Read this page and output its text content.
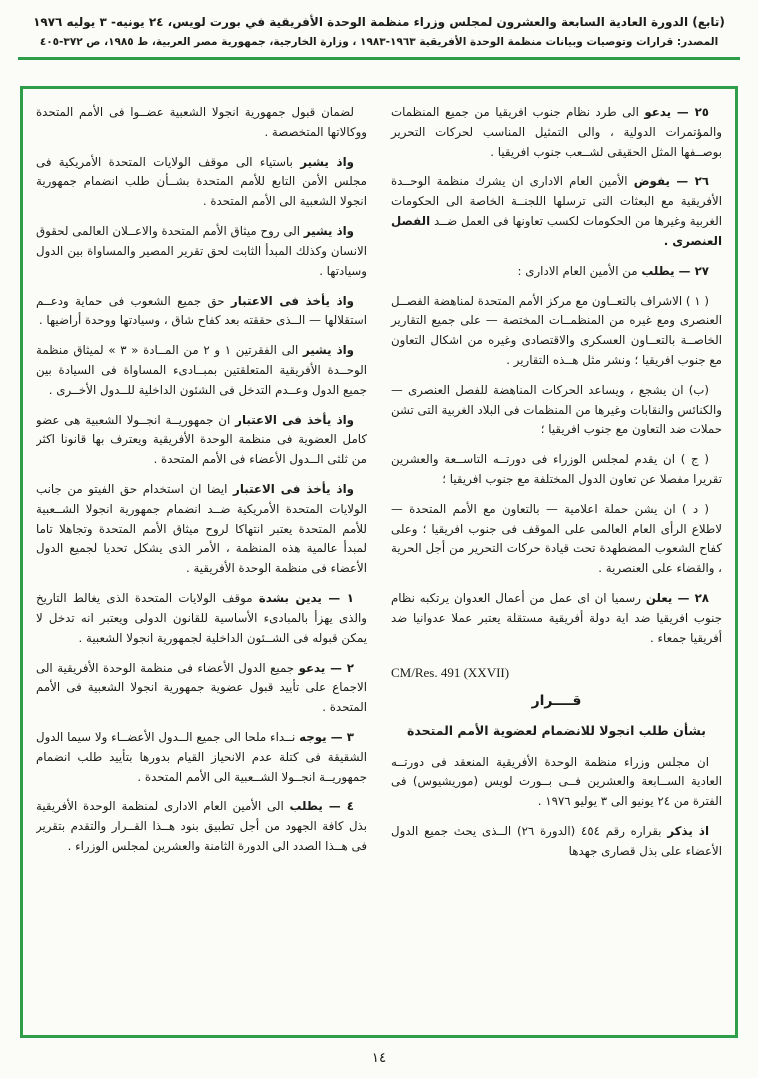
(تابع) الدورة العادية السابعة والعشرون لمجلس وزراء منظمة الوحدة الأفريقية في بورت لويس، ٢٤ يونيه- ٣ يوليه ١٩٧٦
المصدر: قرارات وتوصيات وبيانات منظمة الوحدة الأفريقية ١٩٦٣-١٩٨٣ ، وزارة الخارجية، جمهورية مصر العربية، ط ١٩٨٥، ص ٣٧٢-٤٠٥
٢٥ — يدعو الى طرد نظام جنوب افريقيا من جميع المنظمات والمؤتمرات الدولية ، والى التمثيل المناسب لحركات التحرير بوصــفها المثل الحقيقى لشــعب جنوب افريقيا .
٢٦ — يفوض الأمين العام الادارى ان يشرك منظمة الوحــدة الأفريقية مع البعثات التى ترسلها اللجنــة الخاصة الى الحكومات الغربية وغيرها من الحكومات لكسب تعاونها فى العمل ضــد الفصل العنصرى .
٢٧ — يطلب من الأمين العام الادارى :
( ١ ) الاشراف بالتعــاون مع مركز الأمم المتحدة لمناهضة الفصــل العنصرى ومع غيره من المنظمــات المختصة — على جميع التقارير الخاصــة بالتعــاون العسكرى والاقتصادى وغيره من اشكال التعاون مع جنوب افريقيا ؛ ونشر مثل هــذه التقارير .
(ب) ان يشجع ، ويساعد الحركات المناهضة للفصل العنصرى — والكنائس والنقابات وغيرها من المنظمات فى البلاد الغربية التى تشن حملات ضد التعاون مع جنوب افريقيا ؛
( ج ) ان يقدم لمجلس الوزراء فى دورتــه التاســعة والعشرين تقريرا مفصلا عن تعاون الدول المختلفة مع جنوب افريقيا ؛
( د ) ان يشن حملة اعلامية — بالتعاون مع الأمم المتحدة — لاطلاع الرأى العام العالمى على الموقف فى جنوب افريقيا ؛ وعلى كفاح الشعوب المضطهدة تحت قيادة حركات التحرير من أجل الحرية ، والقضاء على العنصرية .
٢٨ — يعلن رسميا ان اى عمل من أعمال العدوان يرتكبه نظام جنوب افريقيا ضد اية دولة أفريقية مستقلة يعتبر عملا عدوانيا ضد أفريقيا جمعاء .
CM/Res. 491 (XXVII)
قــــرار
بشأن طلب انجولا للانضمام لعضوية الأمم المتحدة
ان مجلس وزراء منظمة الوحدة الأفريقية المنعقد فى دورتــه العادية الســابعة والعشرين فــى بــورت لويس (موريشيوس) فى الفترة من ٢٤ يونيو الى ٣ يوليو ١٩٧٦ .
اذ يذكر بقراره رقم ٤٥٤ (الدورة ٢٦) الــذى يحث جميع الدول الأعضاء على بذل قصارى جهدها
لضمان قبول جمهورية انجولا الشعبية عضــوا فى الأمم المتحدة ووكالاتها المتخصصة .
واذ يشير باستياء الى موقف الولايات المتحدة الأمريكية فى مجلس الأمن التابع للأمم المتحدة بشــأن طلب انضمام جمهورية انجولا الشعبية الى الأمم المتحدة .
واذ يشير الى روح ميثاق الأمم المتحدة والاعــلان العالمى لحقوق الانسان وكذلك المبدأ الثابت لحق تقرير المصير والمساواة بين الدول وسيادتها .
واذ يأخذ فى الاعتبار حق جميع الشعوب فى حماية ودعــم استقلالها — الــذى حققته بعد كفاح شاق ، وسيادتها ووحدة أراضيها .
واذ يشير الى الفقرتين ١ و ٢ من المــادة « ٣ » لميثاق منظمة الوحــدة الأفريقية المتعلقتين بمبــادىء المساواة فى السيادة بين جميع الدول وعــدم التدخل فى الشئون الداخلية للــدول الأخــرى .
واذ يأخذ فى الاعتبار ان جمهوريــة انجــولا الشعبية هى عضو كامل العضوية فى منظمة الوحدة الأفريقية ويعترف بها قانونا اكثر من ثلثى الــدول الأعضاء فى الأمم المتحدة .
واذ يأخذ فى الاعتبار ايضا ان استخدام حق الفيتو من جانب الولايات المتحدة الأمريكية ضــد انضمام جمهورية انجولا الشــعبية للأمم المتحدة يعتبر انتهاكا لروح ميثاق الأمم المتحدة وتجاهلا تاما لمبدأ عالمية هذه المنظمة ، الأمر الذى يشكل تحديا لجميع الدول الأعضاء فى منظمة الوحدة الأفريقية .
١ — يدين بشدة موقف الولايات المتحدة الذى يغالط التاريخ والذى يهزأ بالمبادىء الأساسية للقانون الدولى ويعتبر انه تدخل لا يمكن قبوله فى الشــئون الداخلية لجمهورية انجولا الشعبية .
٢ — يدعو جميع الدول الأعضاء فى منظمة الوحدة الأفريقية الى الاجماع على تأييد قبول عضوية جمهورية انجولا الشعبية فى الأمم المتحدة .
٣ — يوجه نــداء ملحا الى جميع الــدول الأعضــاء ولا سيما الدول الشقيقة فى كتلة عدم الانحياز القيام بدورها بتأييد طلب انضمام جمهوريــة انجــولا الشــعبية الى الأمم المتحدة .
٤ — يطلب الى الأمين العام الادارى لمنظمة الوحدة الأفريقية بذل كافة الجهود من أجل تطبيق بنود هــذا القــرار والتقدم بتقرير فى هــذا الصدد الى الدورة الثامنة والعشرين لمجلس الوزراء .
١٤
